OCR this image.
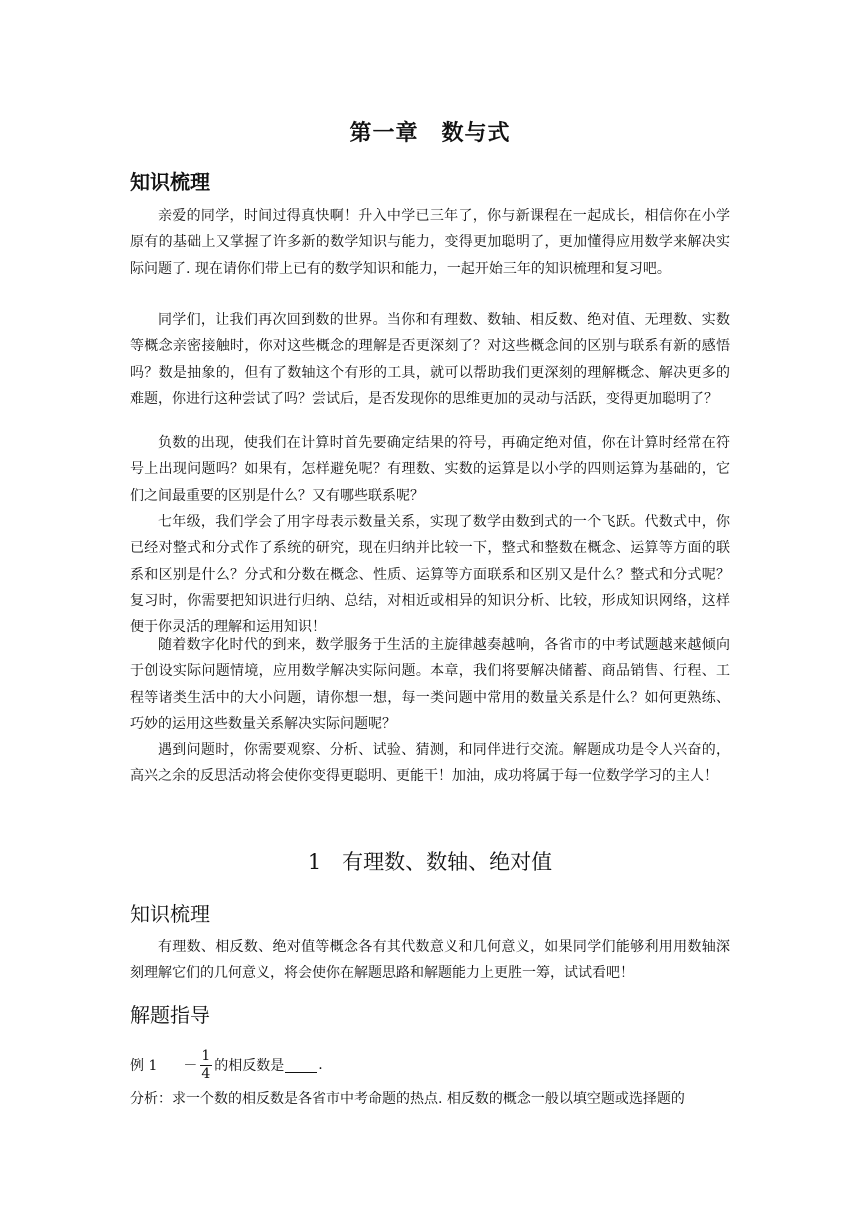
第一章　数与式
知识梳理

亲爱的同学，时间过得真快啊！升入中学已三年了，你与新课程在一起成长，相信你在小学原有的基础上又掌握了许多新的数学知识与能力，变得更加聪明了，更加懂得应用数学来解决实际问题了. 现在请你们带上已有的数学知识和能力，一起开始三年的知识梳理和复习吧。

同学们，让我们再次回到数的世界。当你和有理数、数轴、相反数、绝对值、无理数、实数等概念亲密接触时，你对这些概念的理解是否更深刻了？对这些概念间的区别与联系有新的感悟吗？数是抽象的，但有了数轴这个有形的工具，就可以帮助我们更深刻的理解概念、解决更多的难题，你进行这种尝试了吗？尝试后，是否发现你的思维更加的灵动与活跃，变得更加聪明了？

负数的出现，使我们在计算时首先要确定结果的符号，再确定绝对值，你在计算时经常在符号上出现问题吗？如果有，怎样避免呢？有理数、实数的运算是以小学的四则运算为基础的，它们之间最重要的区别是什么？又有哪些联系呢？

七年级，我们学会了用字母表示数量关系，实现了数学由数到式的一个飞跃。代数式中，你已经对整式和分式作了系统的研究，现在归纳并比较一下，整式和整数在概念、运算等方面的联系和区别是什么？分式和分数在概念、性质、运算等方面联系和区别又是什么？整式和分式呢？复习时，你需要把知识进行归纳、总结，对相近或相异的知识分析、比较，形成知识网络，这样便于你灵活的理解和运用知识！

随着数字化时代的到来，数学服务于生活的主旋律越奏越响，各省市的中考试题越来越倾向于创设实际问题情境，应用数学解决实际问题。本章，我们将要解决储蓄、商品销售、行程、工程等诸类生活中的大小问题，请你想一想，每一类问题中常用的数量关系是什么？如何更熟练、巧妙的运用这些数量关系解决实际问题呢？

遇到问题时，你需要观察、分析、试验、猜测，和同伴进行交流。解题成功是令人兴奋的，高兴之余的反思活动将会使你变得更聪明、更能干！加油，成功将属于每一位数学学习的主人！

1　有理数、数轴、绝对值
知识梳理

有理数、相反数、绝对值等概念各有其代数意义和几何意义，如果同学们能够利用用数轴深刻理解它们的几何意义，将会使你在解题思路和解题能力上更胜一筹，试试看吧！

解题指导
例 $1 - \frac{1}{4}$ 的相反数是 .
分析：求一个数的相反数是各省市中考命题的热点. 相反数的概念一般以填空题或选择题的
